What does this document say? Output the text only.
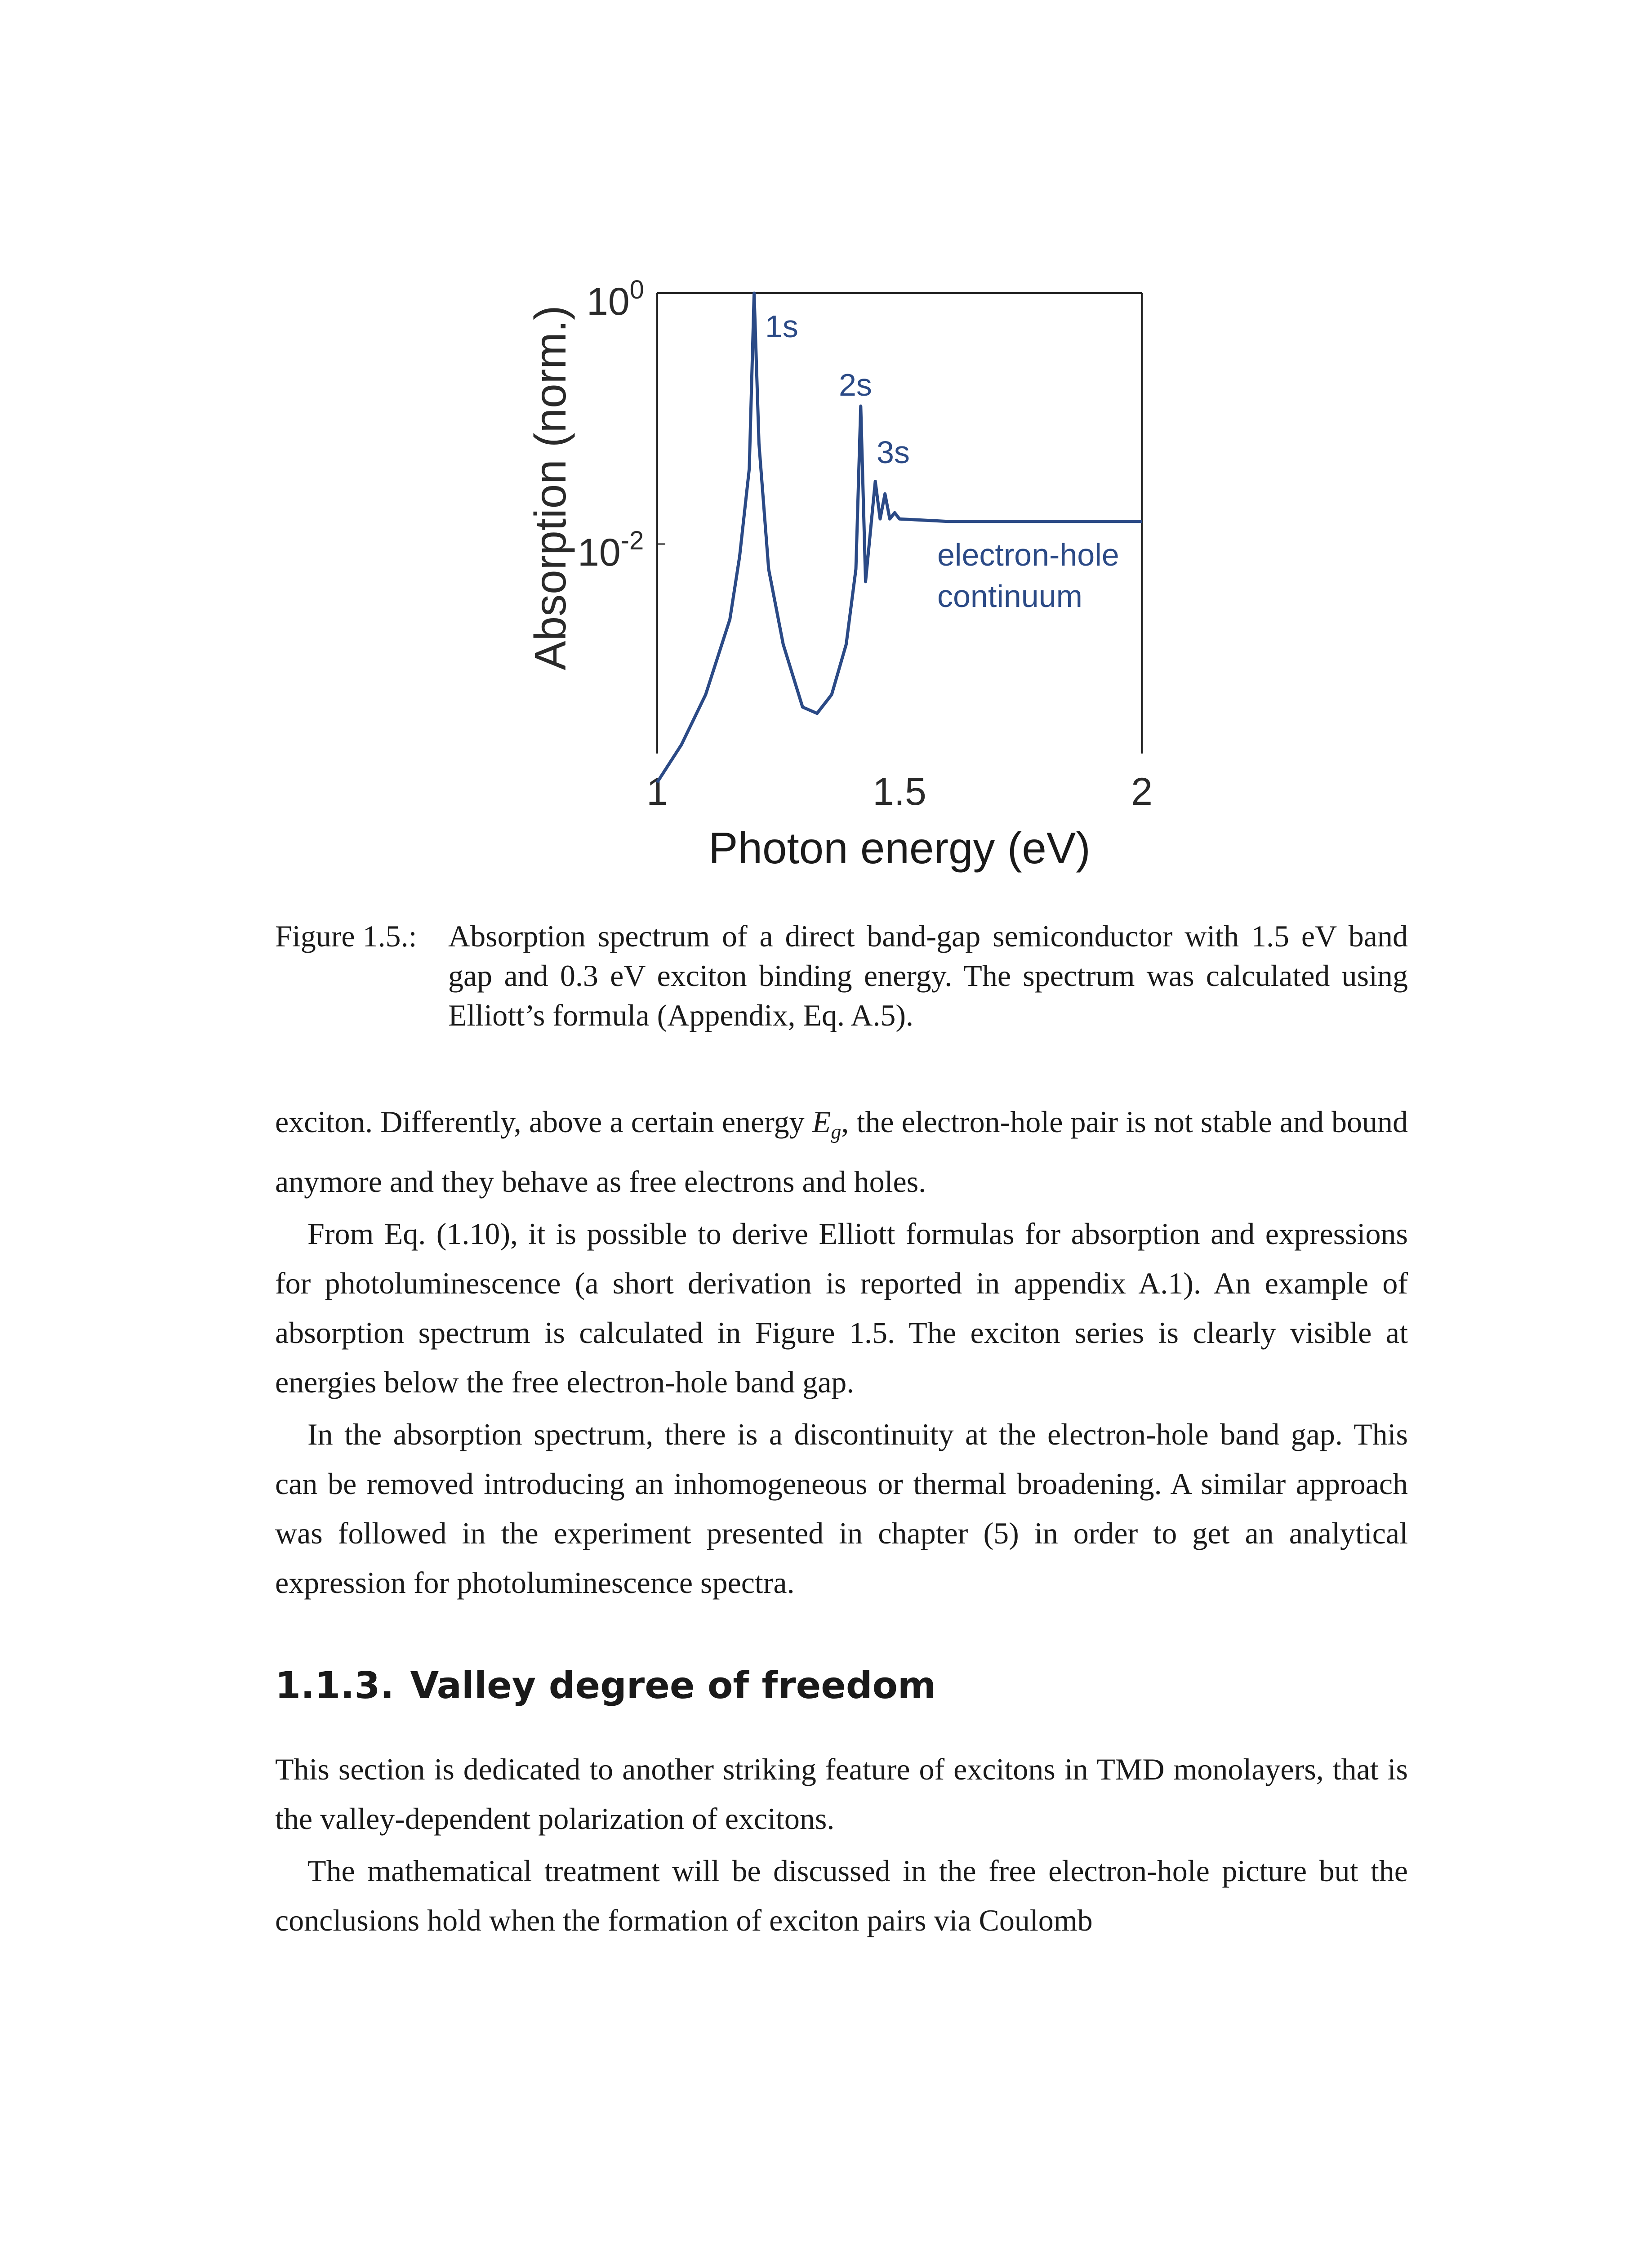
$10^0$
$10^{-2}$
1	1.5	2
Photon energy (eV)
Absorption (norm.)	1s
2s
3s
electron-hole
continuum
Figure 1.5.: Absorption spectrum of a direct band-gap semiconductor with 1.5 eV band gap and 0.3 eV exciton binding energy. The spectrum was calculated using Elliott’s formula (Appendix, Eq. A.5).

exciton. Differently, above a certain energy $E_g$, the electron-hole pair is not stable and bound anymore and they behave as free electrons and holes.

From Eq. (1.10), it is possible to derive Elliott formulas for absorption and expressions for photoluminescence (a short derivation is reported in appendix A.1). An example of absorption spectrum is calculated in Figure 1.5. The exciton series is clearly visible at energies below the free electron-hole band gap.

In the absorption spectrum, there is a discontinuity at the electron-hole band gap. This can be removed introducing an inhomogeneous or thermal broadening. A similar approach was followed in the experiment presented in chapter (5) in order to get an analytical expression for photoluminescence spectra.

1.1.3. Valley degree of freedom

This section is dedicated to another striking feature of excitons in TMD monolayers, that is the valley-dependent polarization of excitons.

The mathematical treatment will be discussed in the free electron-hole picture but the conclusions hold when the formation of exciton pairs via Coulomb
